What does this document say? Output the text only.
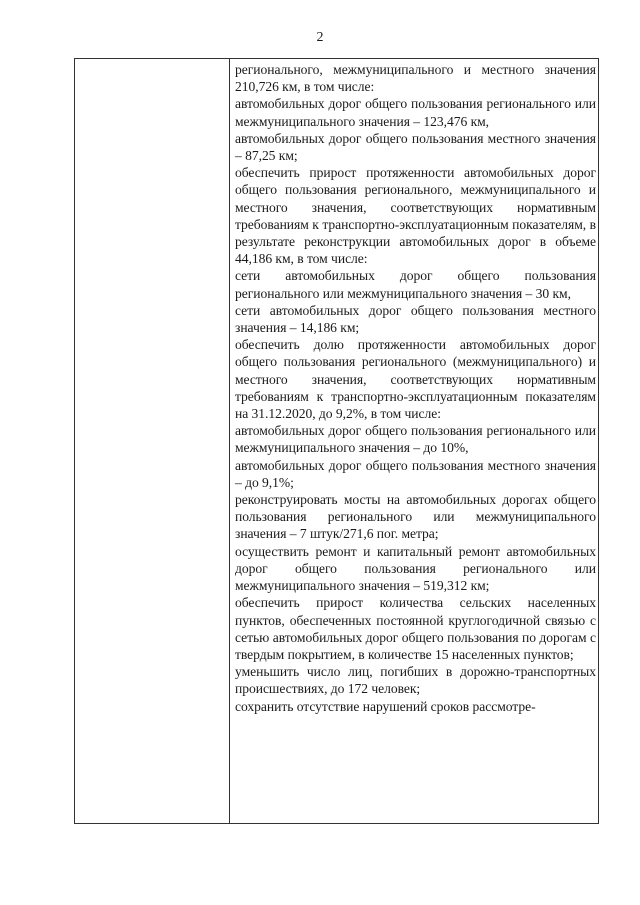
2

регионального, межмуниципального и местного значения 210,726 км, в том числе:

автомобильных дорог общего пользования регионального или межмуниципального значения – 123,476 км,

автомобильных дорог общего пользования местного значения – 87,25 км;

обеспечить прирост протяженности автомобильных дорог общего пользования регионального, межмуниципального и местного значения, соответствующих нормативным требованиям к транспортно-эксплуатационным показателям, в результате реконструкции автомобильных дорог в объеме 44,186 км, в том числе:

сети автомобильных дорог общего пользования регионального или межмуниципального значения – 30 км,

сети автомобильных дорог общего пользования местного значения – 14,186 км;

обеспечить долю протяженности автомобильных дорог общего пользования регионального (межмуниципального) и местного значения, соответствующих нормативным требованиям к транспортно-эксплуатационным показателям на 31.12.2020, до 9,2%, в том числе:

автомобильных дорог общего пользования регионального или межмуниципального значения – до 10%,

автомобильных дорог общего пользования местного значения – до 9,1%;

реконструировать мосты на автомобильных дорогах общего пользования регионального или межмуниципального значения – 7 штук/271,6 пог. метра;

осуществить ремонт и капитальный ремонт автомобильных дорог общего пользования регионального или межмуниципального значения – 519,312 км;

обеспечить прирост количества сельских населенных пунктов, обеспеченных постоянной круглогодичной связью с сетью автомобильных дорог общего пользования по дорогам с твердым покрытием, в количестве 15 населенных пунктов;

уменьшить число лиц, погибших в дорожно-транспортных происшествиях, до 172 человек;

сохранить отсутствие нарушений сроков рассмотре-
